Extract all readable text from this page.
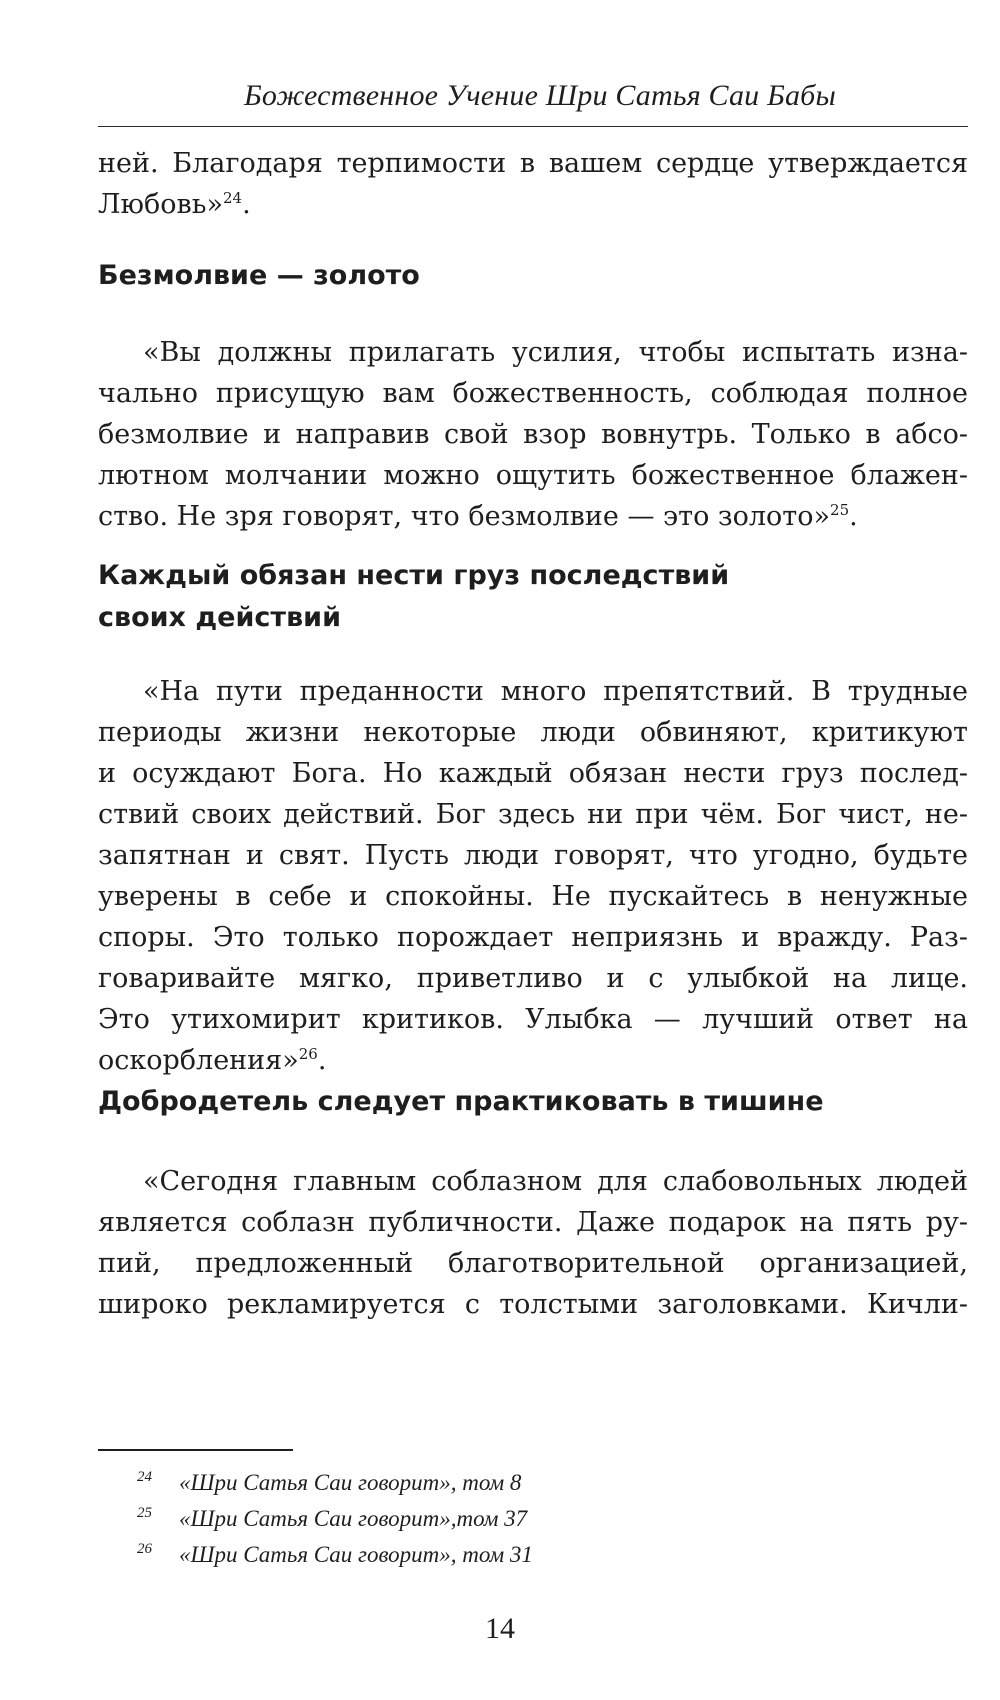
Божественное Учение Шри Сатья Саи Бабы

ней. Благодаря терпимости в вашем сердце утверждается
Любовь»$^{24}$.

Безмолвие — золото

«Вы должны прилагать усилия, чтобы испытать изна-
чально присущую вам божественность, соблюдая полное
безмолвие и направив свой взор вовнутрь. Только в абсо-
лютном молчании можно ощутить божественное блажен-
ство. Не зря говорят, что безмолвие — это золото»$^{25}$.

Каждый обязан нести груз последствий
своих действий

«На пути преданности много препятствий. В трудные
периоды жизни некоторые люди обвиняют, критикуют
и осуждают Бога. Но каждый обязан нести груз послед-
ствий своих действий. Бог здесь ни при чём. Бог чист, не-
запятнан и свят. Пусть люди говорят, что угодно, будьте
уверены в себе и спокойны. Не пускайтесь в ненужные
споры. Это только порождает неприязнь и вражду. Раз-
говаривайте мягко, приветливо и с улыбкой на лице.
Это утихомирит критиков. Улыбка — лучший ответ на
оскорбления»$^{26}$.

Добродетель следует практиковать в тишине

«Сегодня главным соблазном для слабовольных людей
является соблазн публичности. Даже подарок на пять ру-
пий, предложенный благотворительной организацией,
широко рекламируется с толстыми заголовками. Кичли-

24 «Шри Сатья Саи говорит», том 8
25 «Шри Сатья Саи говорит»,том 37
26 «Шри Сатья Саи говорит», том 31
14
